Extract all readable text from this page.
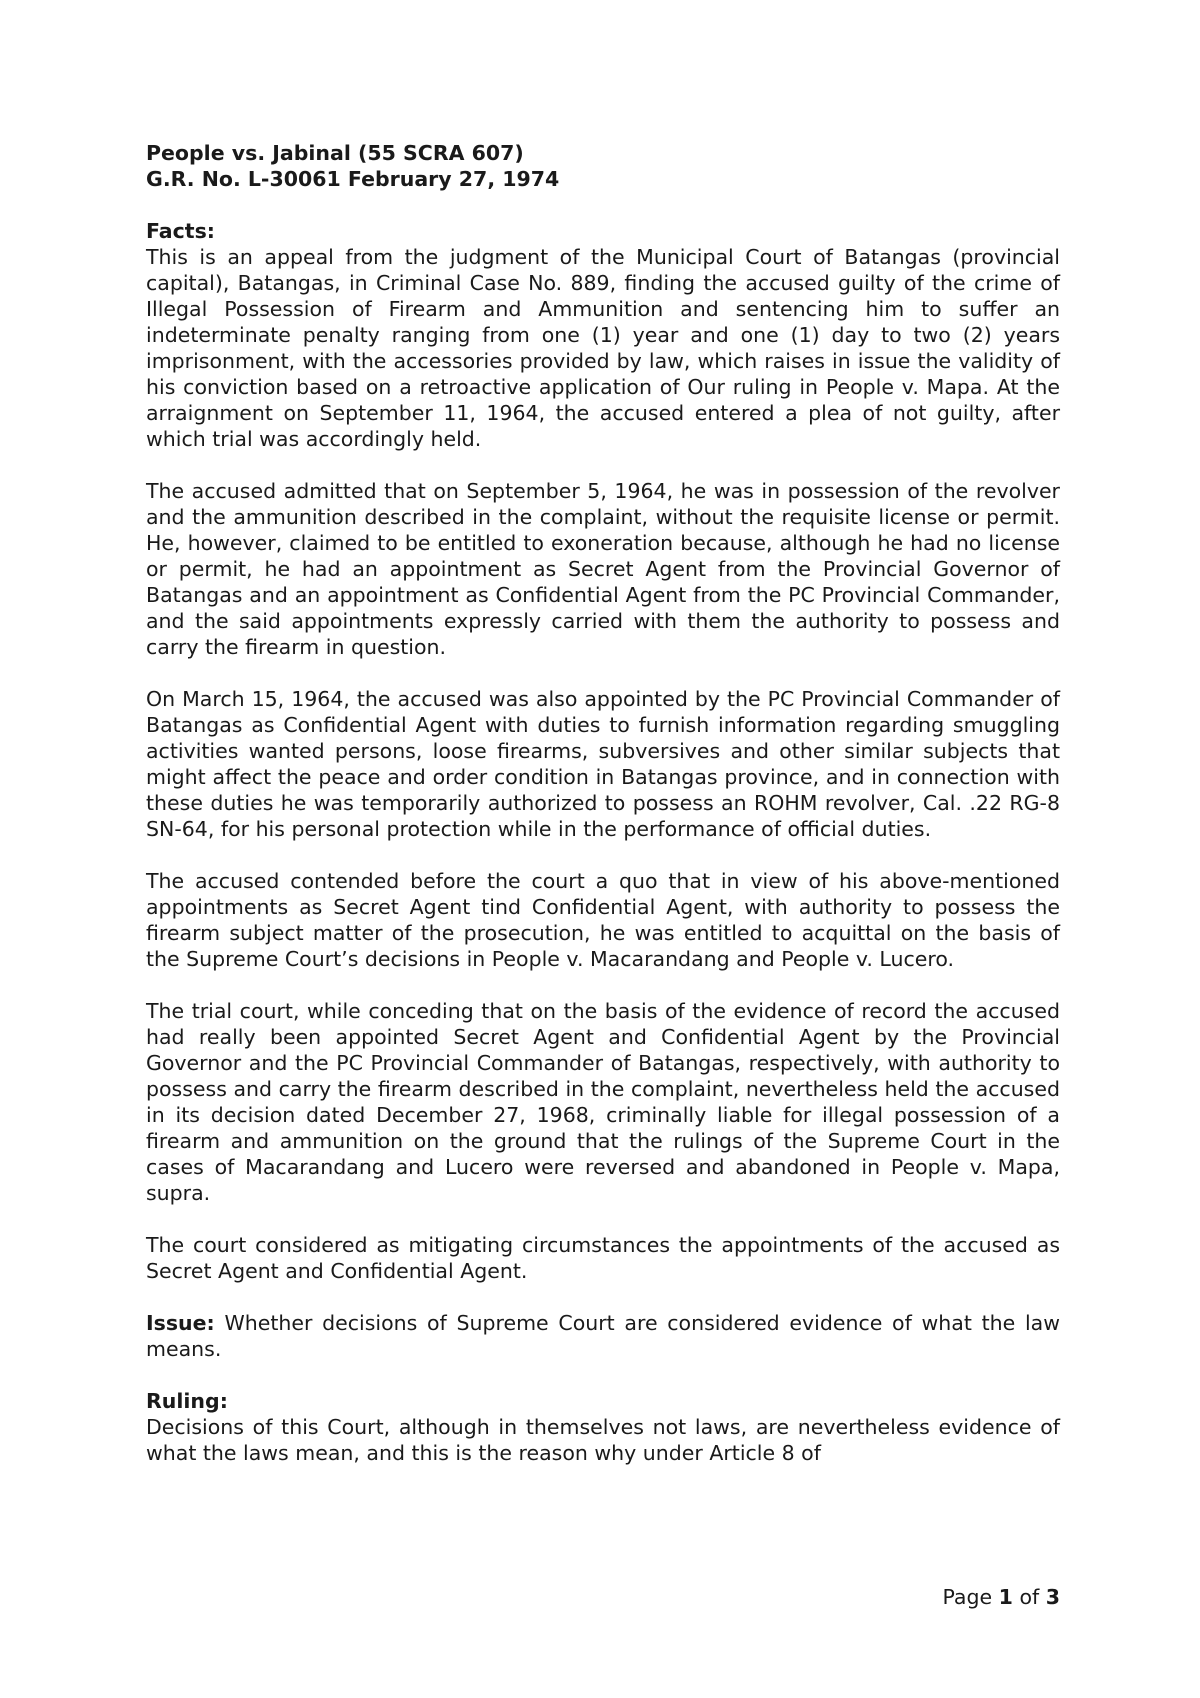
People vs. Jabinal (55 SCRA 607)

G.R. No. L-30061 February 27, 1974

Facts:

This is an appeal from the judgment of the Municipal Court of Batangas (provincial capital), Batangas, in Criminal Case No. 889, finding the accused guilty of the crime of Illegal Possession of Firearm and Ammunition and sentencing him to suffer an indeterminate penalty ranging from one (1) year and one (1) day to two (2) years imprisonment, with the accessories provided by law, which raises in issue the validity of his conviction based on a retroactive application of Our ruling in People v. Mapa. At the arraignment on September 11, 1964, the accused entered a plea of not guilty, after which trial was accordingly held.

The accused admitted that on September 5, 1964, he was in possession of the revolver and the ammunition described in the complaint, without the requisite license or permit. He, however, claimed to be entitled to exoneration because, although he had no license or permit, he had an appointment as Secret Agent from the Provincial Governor of Batangas and an appointment as Confidential Agent from the PC Provincial Commander, and the said appointments expressly carried with them the authority to possess and carry the firearm in question.

On March 15, 1964, the accused was also appointed by the PC Provincial Commander of Batangas as Confidential Agent with duties to furnish information regarding smuggling activities wanted persons, loose firearms, subversives and other similar subjects that might affect the peace and order condition in Batangas province, and in connection with these duties he was temporarily authorized to possess an ROHM revolver, Cal. .22 RG-8 SN-64, for his personal protection while in the performance of official duties.

The accused contended before the court a quo that in view of his above-mentioned appointments as Secret Agent tind Confidential Agent, with authority to possess the firearm subject matter of the prosecution, he was entitled to acquittal on the basis of the Supreme Court’s decisions in People v. Macarandang and People v. Lucero.

The trial court, while conceding that on the basis of the evidence of record the accused had really been appointed Secret Agent and Confidential Agent by the Provincial Governor and the PC Provincial Commander of Batangas, respectively, with authority to possess and carry the firearm described in the complaint, nevertheless held the accused in its decision dated December 27, 1968, criminally liable for illegal possession of a firearm and ammunition on the ground that the rulings of the Supreme Court in the cases of Macarandang and Lucero were reversed and abandoned in People v. Mapa, supra.

The court considered as mitigating circumstances the appointments of the accused as Secret Agent and Confidential Agent.

Issue: Whether decisions of Supreme Court are considered evidence of what the law means.

Ruling:

Decisions of this Court, although in themselves not laws, are nevertheless evidence of what the laws mean, and this is the reason why under Article 8 of

Page 1 of 3
